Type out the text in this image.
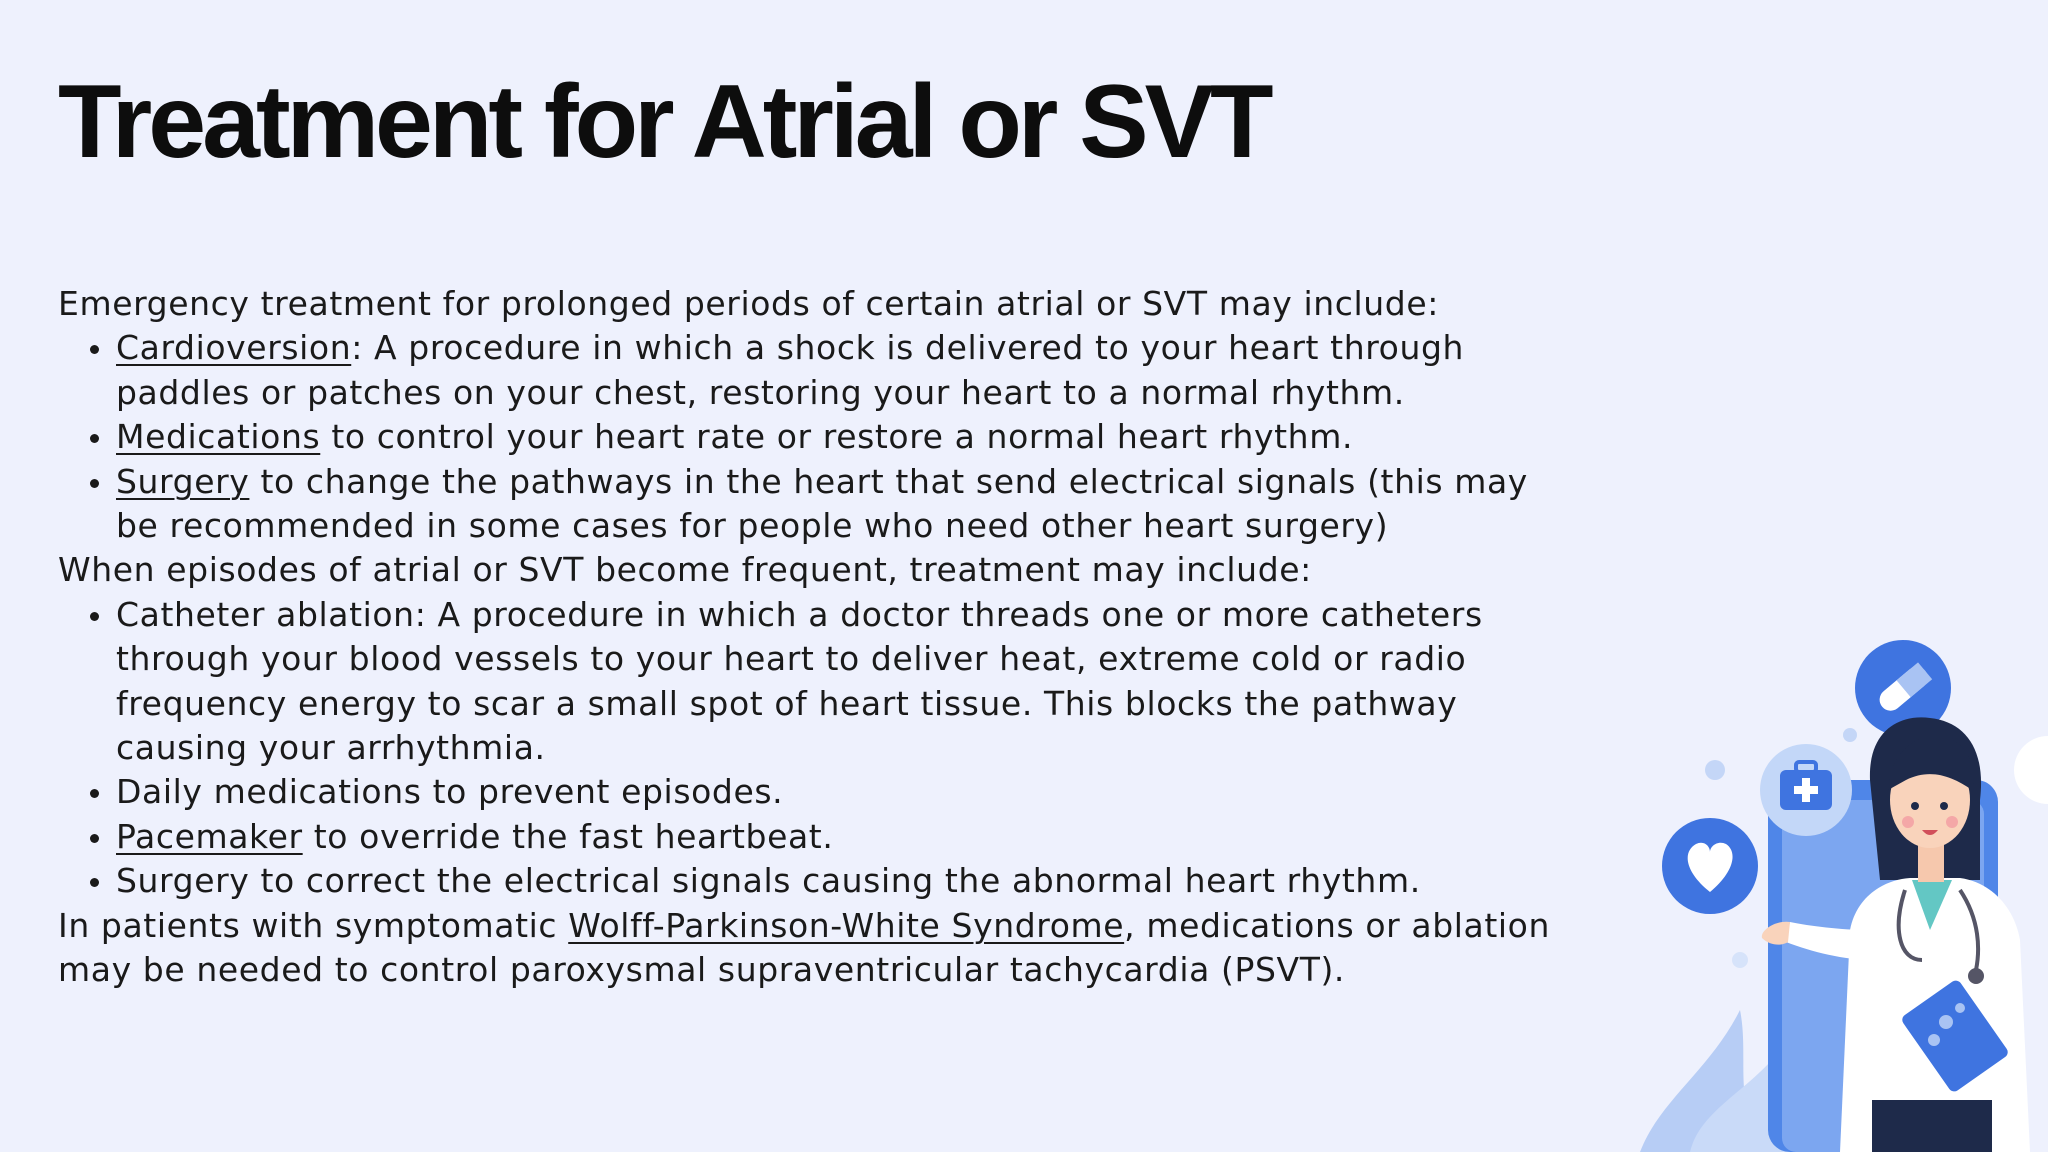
Treatment for Atrial or SVT

Emergency treatment for prolonged periods of certain atrial or SVT may include:

Cardioversion: A procedure in which a shock is delivered to your heart through paddles or patches on your chest, restoring your heart to a normal rhythm.
Medications to control your heart rate or restore a normal heart rhythm.
Surgery to change the pathways in the heart that send electrical signals (this may be recommended in some cases for people who need other heart surgery)

When episodes of atrial or SVT become frequent, treatment may include:

Catheter ablation: A procedure in which a doctor threads one or more catheters through your blood vessels to your heart to deliver heat, extreme cold or radio frequency energy to scar a small spot of heart tissue. This blocks the pathway causing your arrhythmia.
Daily medications to prevent episodes.
Pacemaker to override the fast heartbeat.
Surgery to correct the electrical signals causing the abnormal heart rhythm.

In patients with symptomatic Wolff-Parkinson-White Syndrome, medications or ablation may be needed to control paroxysmal supraventricular tachycardia (PSVT).
